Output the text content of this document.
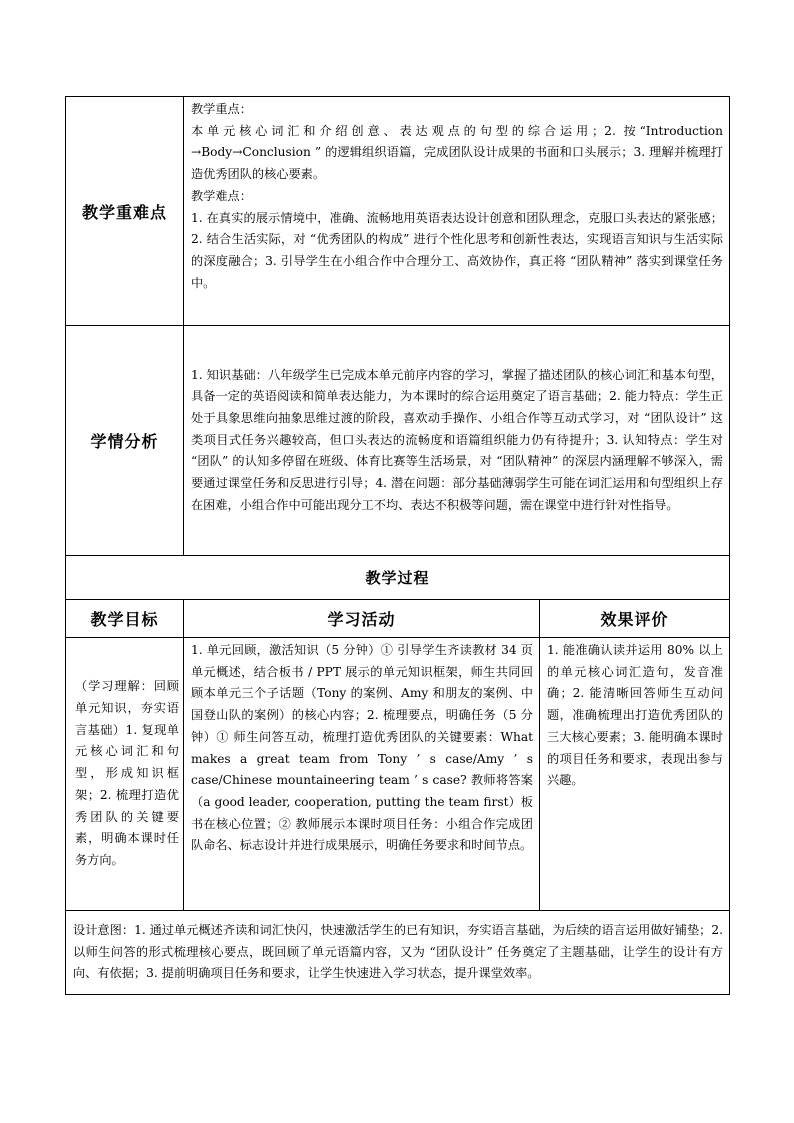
教学重难点	教学重点：

本单元核心词汇和介绍创意、表达观点的句型的综合运用；2. 按“Introduction →Body→Conclusion ” 的逻辑组织语篇，完成团队设计成果的书面和口头展示；3. 理解并梳理打造优秀团队的核心要素。

教学难点：

1. 在真实的展示情境中，准确、流畅地用英语表达设计创意和团队理念，克服口头表达的紧张感；2. 结合生活实际，对 “优秀团队的构成” 进行个性化思考和创新性表达，实现语言知识与生活实际的深度融合；3. 引导学生在小组合作中合理分工、高效协作，真正将 “团队精神” 落实到课堂任务中。	

学情分析	1. 知识基础：八年级学生已完成本单元前序内容的学习，掌握了描述团队的核心词汇和基本句型，具备一定的英语阅读和简单表达能力，为本课时的综合运用奠定了语言基础；2. 能力特点：学生正处于具象思维向抽象思维过渡的阶段，喜欢动手操作、小组合作等互动式学习，对 “团队设计” 这类项目式任务兴趣较高，但口头表达的流畅度和语篇组织能力仍有待提升；3. 认知特点：学生对 “团队” 的认知多停留在班级、体育比赛等生活场景，对 “团队精神” 的深层内涵理解不够深入，需要通过课堂任务和反思进行引导；4. 潜在问题：部分基础薄弱学生可能在词汇运用和句型组织上存在困难，小组合作中可能出现分工不均、表达不积极等问题，需在课堂中进行针对性指导。	
教学过程		
教学目标	学习活动	效果评价
（学习理解：回顾单元知识，夯实语言基础）1. 复现单元核心词汇和句型，形成知识框架；2. 梳理打造优秀团队的关键要素，明确本课时任务方向。	1. 单元回顾，激活知识（5 分钟）① 引导学生齐读教材 34 页单元概述，结合板书 / PPT 展示的单元知识框架，师生共同回顾本单元三个子话题（Tony 的案例、Amy 和朋友的案例、中国登山队的案例）的核心内容；2. 梳理要点，明确任务（5 分钟）① 师生问答互动，梳理打造优秀团队的关键要素：What makes a great team from Tony ’ s case/Amy ’ s case/Chinese mountaineering team ’ s case? 教师将答案（a good leader, cooperation, putting the team first）板书在核心位置；② 教师展示本课时项目任务：小组合作完成团队命名、标志设计并进行成果展示，明确任务要求和时间节点。	1. 能准确认读并运用 80% 以上的单元核心词汇造句，发音准确；2. 能清晰回答师生互动问题，准确梳理出打造优秀团队的三大核心要素；3. 能明确本课时的项目任务和要求，表现出参与兴趣。
设计意图：1. 通过单元概述齐读和词汇快闪，快速激活学生的已有知识，夯实语言基础，为后续的语言运用做好铺垫；2. 以师生问答的形式梳理核心要点，既回顾了单元语篇内容，又为 “团队设计” 任务奠定了主题基础，让学生的设计有方向、有依据；3. 提前明确项目任务和要求，让学生快速进入学习状态，提升课堂效率。		
